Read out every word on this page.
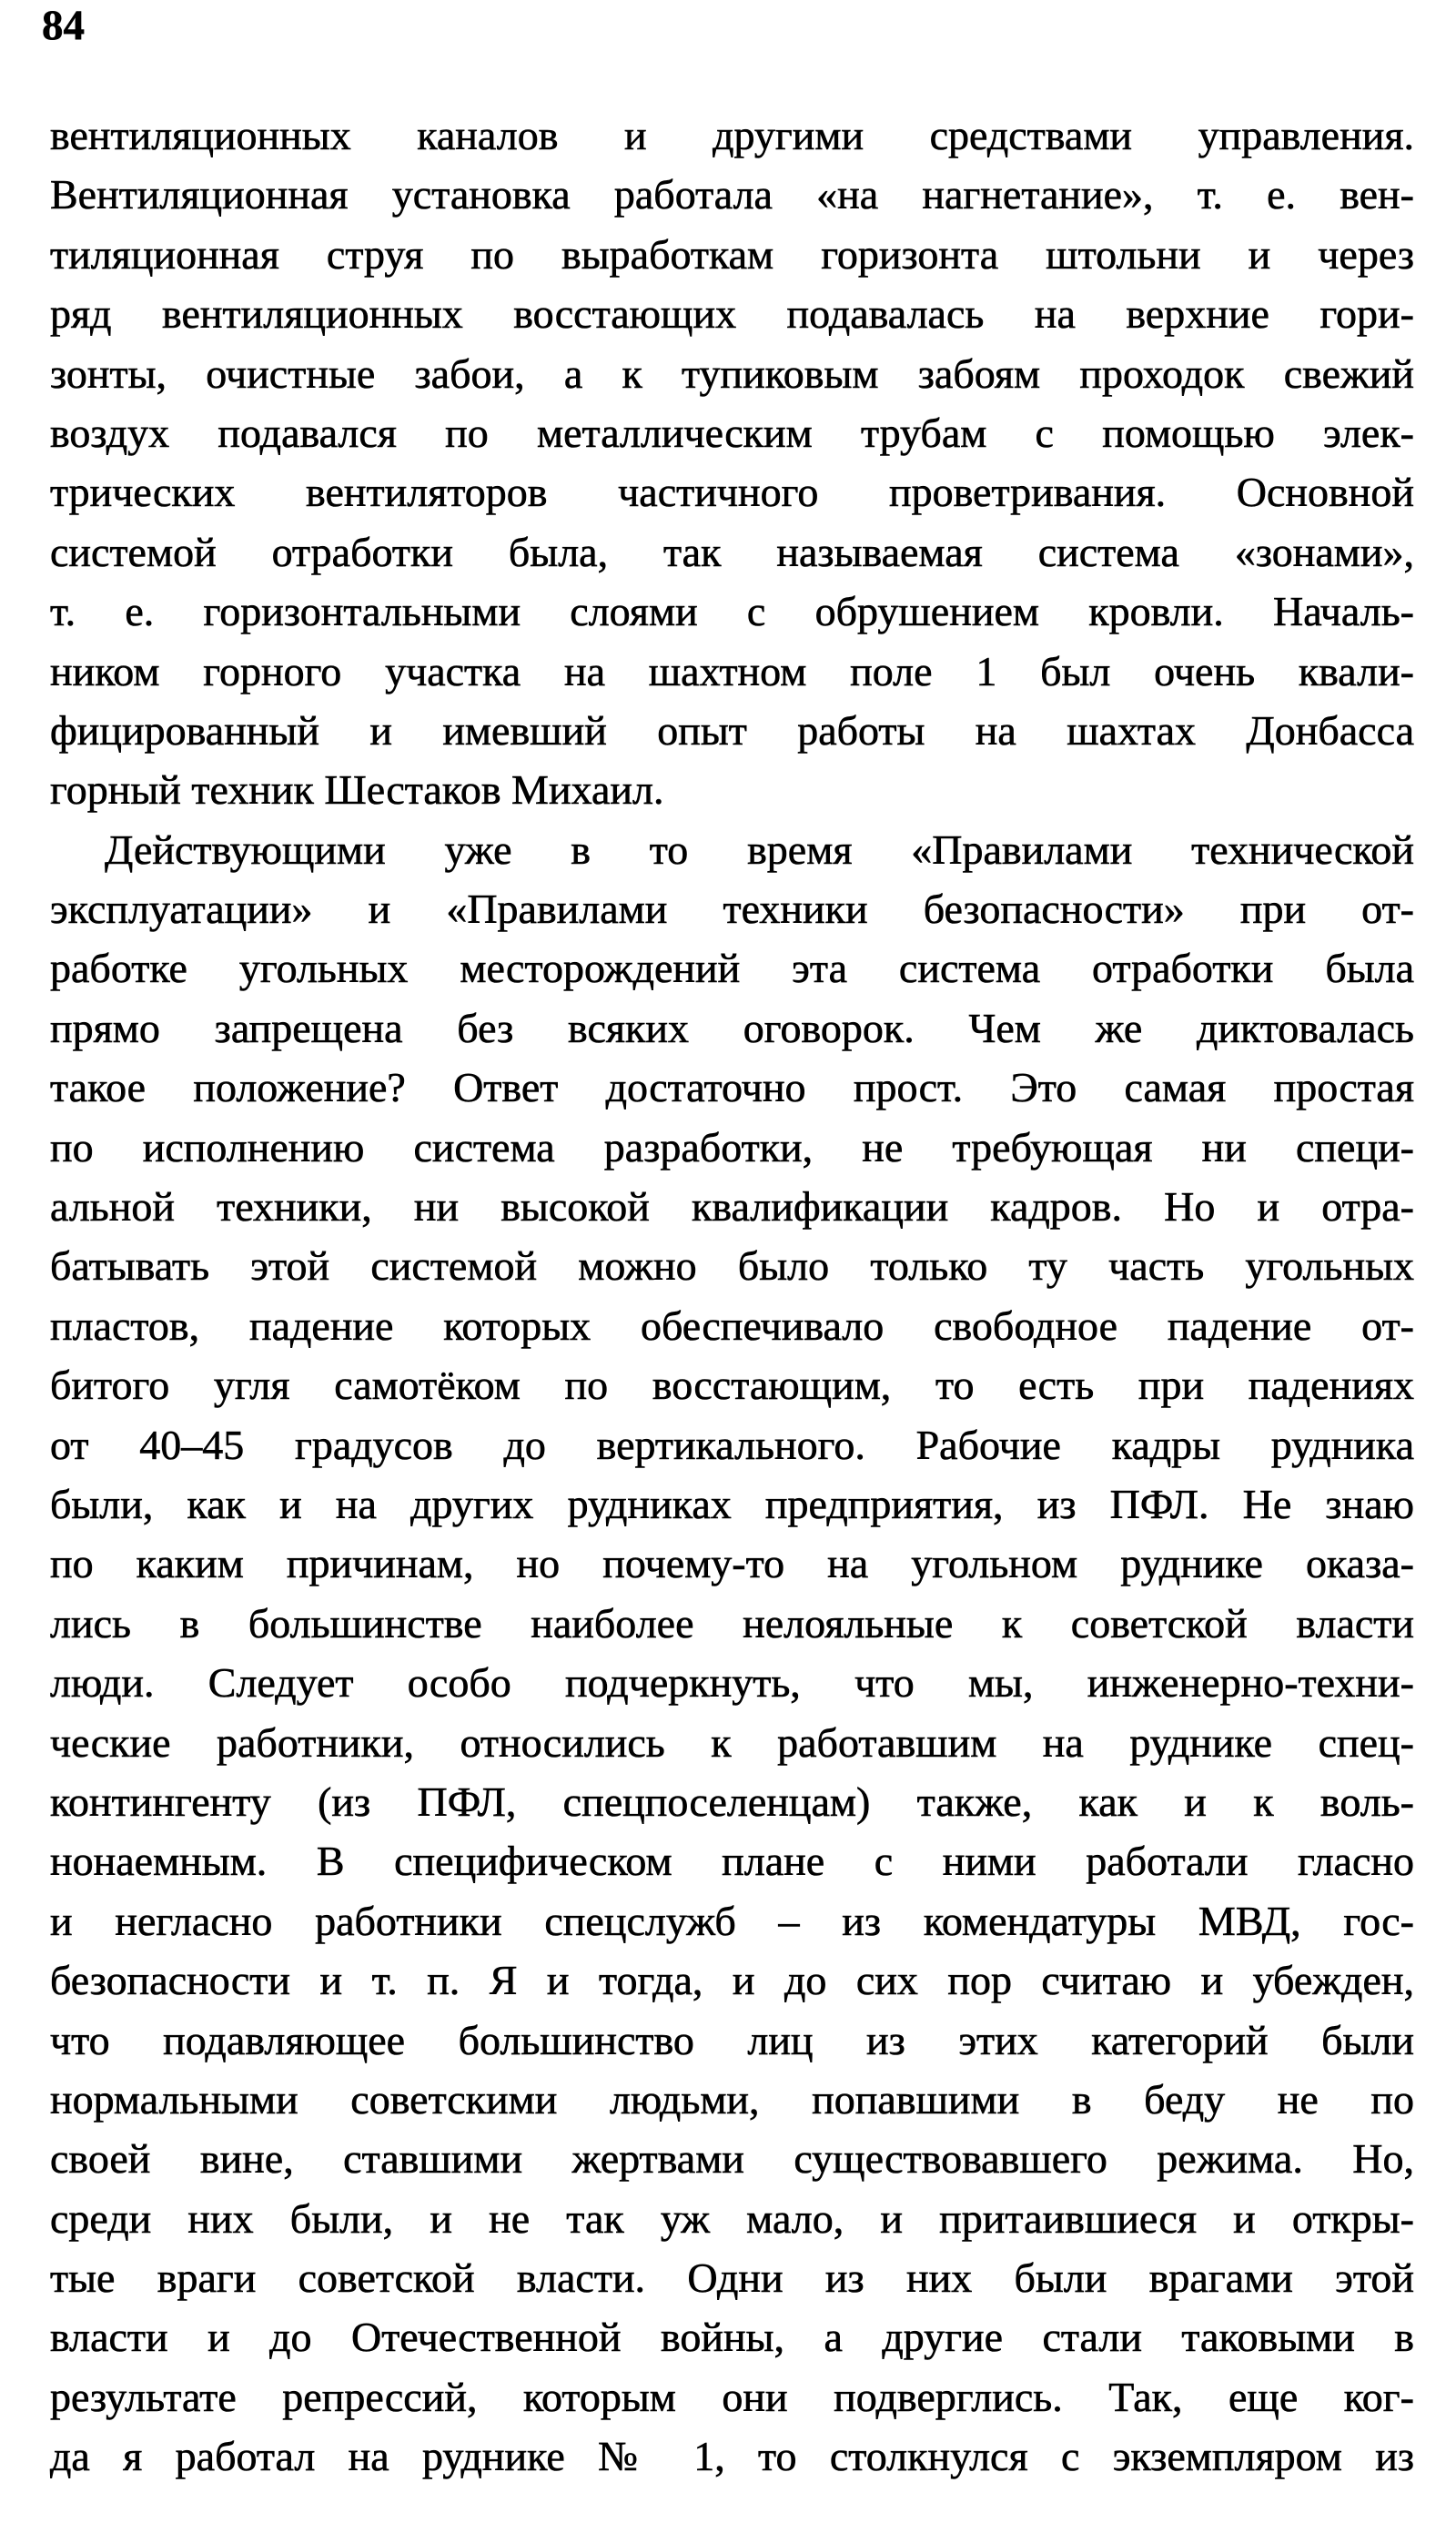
84
вентиляционных каналов и другими средствами управления.
Вентиляционная установка работала «на нагнетание», т. е. вен-
тиляционная струя по выработкам горизонта штольни и через
ряд вентиляционных восстающих подавалась на верхние гори-
зонты, очистные забои, а к тупиковым забоям проходок свежий
воздух подавался по металлическим трубам с помощью элек-
трических вентиляторов частичного проветривания. Основной
системой отработки была, так называемая система «зонами»,
т. е. горизонтальными слоями с обрушением кровли. Началь-
ником горного участка на шахтном поле 1 был очень квали-
фицированный и имевший опыт работы на шахтах Донбасса
горный техник Шестаков Михаил.
Действующими уже в то время «Правилами технической
эксплуатации» и «Правилами техники безопасности» при от-
работке угольных месторождений эта система отработки была
прямо запрещена без всяких оговорок. Чем же диктовалась
такое положение? Ответ достаточно прост. Это самая простая
по исполнению система разработки, не требующая ни специ-
альной техники, ни высокой квалификации кадров. Но и отра-
батывать этой системой можно было только ту часть угольных
пластов, падение которых обеспечивало свободное падение от-
битого угля самотёком по восстающим, то есть при падениях
от 40–45 градусов до вертикального. Рабочие кадры рудника
были, как и на других рудниках предприятия, из ПФЛ. Не знаю
по каким причинам, но почему-то на угольном руднике оказа-
лись в большинстве наиболее нелояльные к советской власти
люди. Следует особо подчеркнуть, что мы, инженерно-техни-
ческие работники, относились к работавшим на руднике спец-
контингенту (из ПФЛ, спецпоселенцам) также, как и к воль-
нонаемным. В специфическом плане с ними работали гласно
и негласно работники спецслужб – из комендатуры МВД, гос-
безопасности и т. п. Я и тогда, и до сих пор считаю и убежден,
что подавляющее большинство лиц из этих категорий были
нормальными советскими людьми, попавшими в беду не по
своей вине, ставшими жертвами существовавшего режима. Но,
среди них были, и не так уж мало, и притаившиеся и откры-
тые враги советской власти. Одни из них были врагами этой
власти и до Отечественной войны, а другие стали таковыми в
результате репрессий, которым они подверглись. Так, еще ког-
да я работал на руднике № 1, то столкнулся с экземпляром из
